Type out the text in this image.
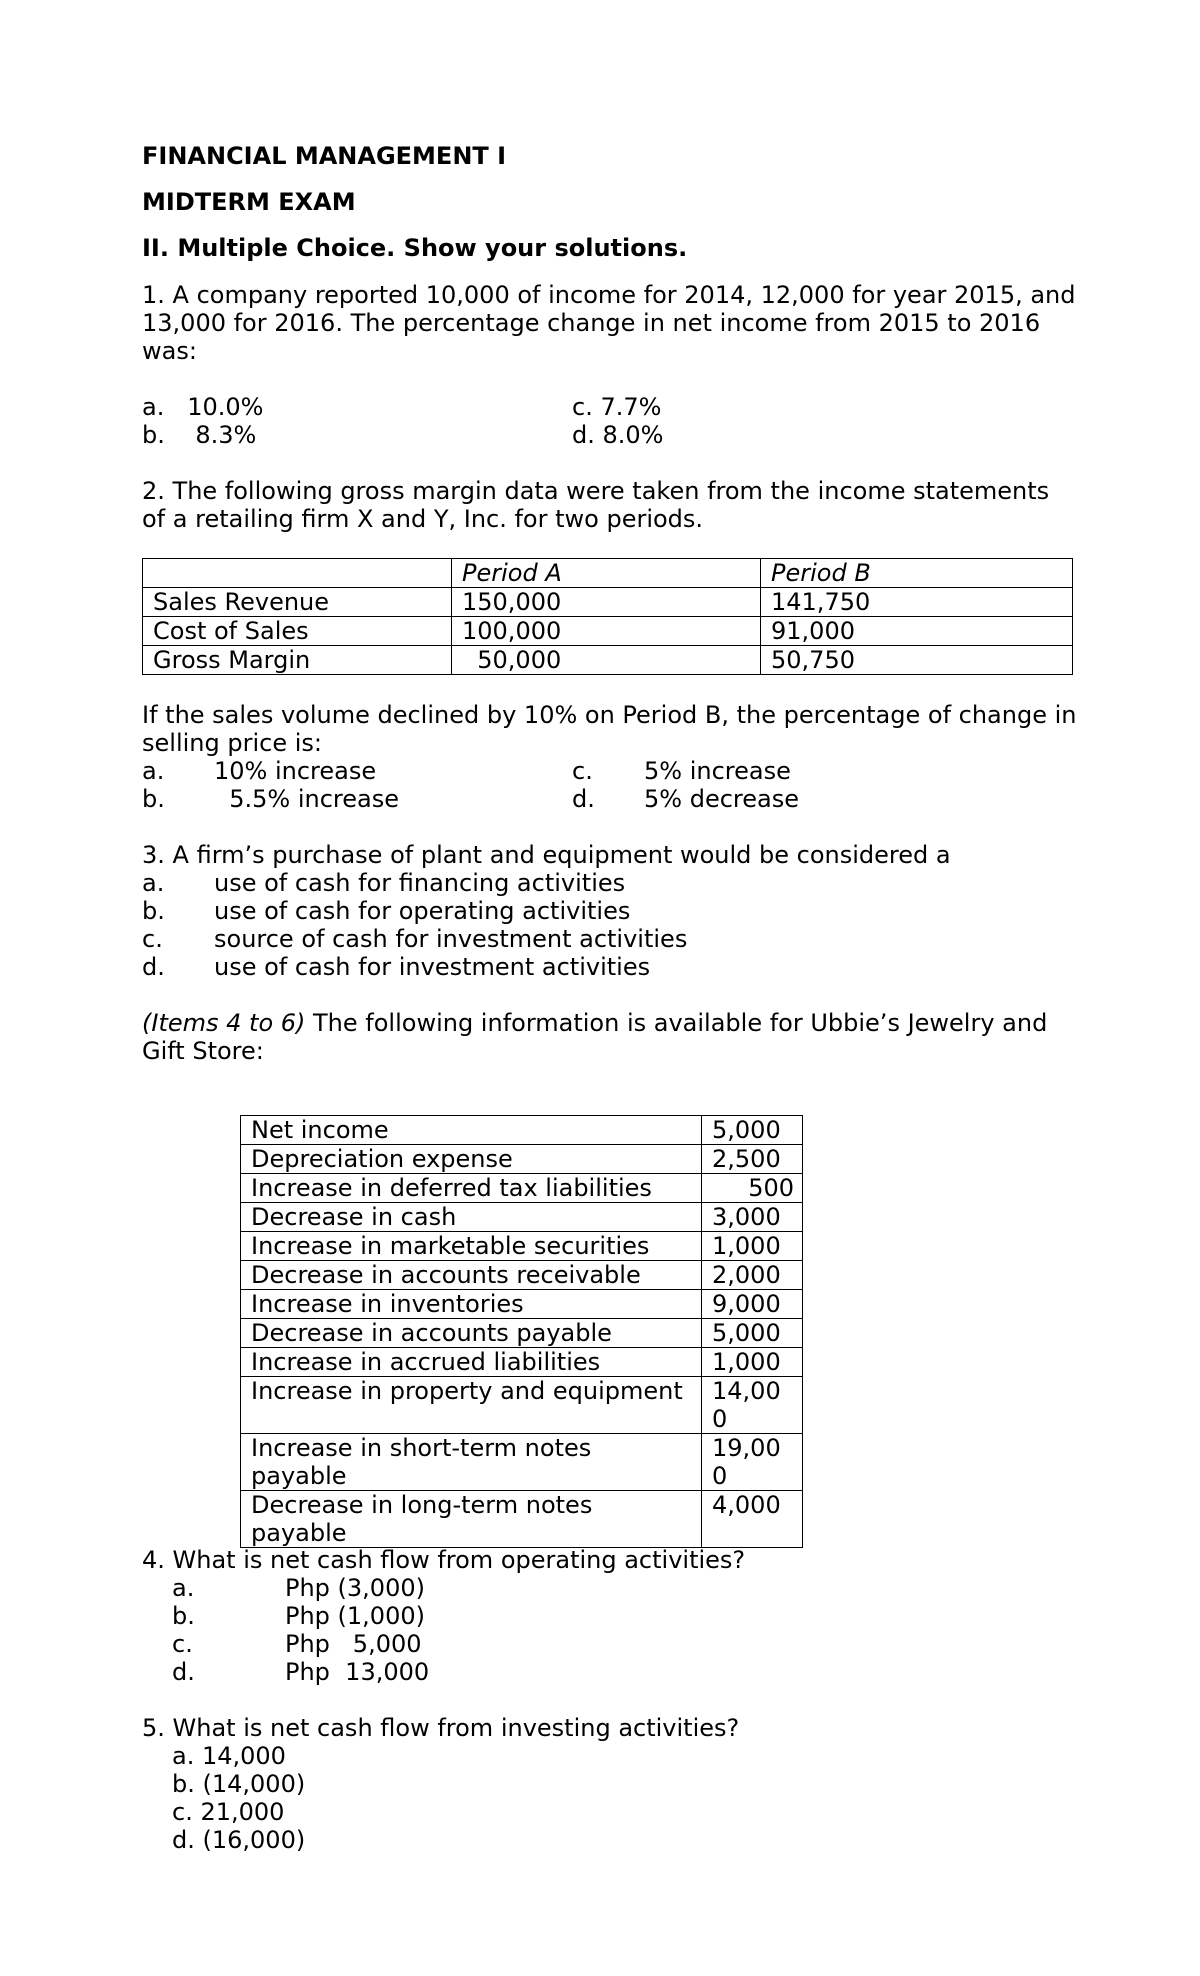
FINANCIAL MANAGEMENT I
MIDTERM EXAM
II. Multiple Choice. Show your solutions.
1. A company reported 10,000 of income for 2014, 12,000 for year 2015, and
13,000 for 2016. The percentage change in net income from 2015 to 2016
was:
a.   10.0%
b.    8.3%
c. 7.7%
d. 8.0%
2. The following gross margin data were taken from the income statements
of a retailing firm X and Y, Inc. for two periods.
	Period A	Period B
Sales Revenue	150,000	141,750
Cost of Sales	100,000	91,000
Gross Margin	50,000	50,750
If the sales volume declined by 10% on Period B, the percentage of change in
selling price is:
a. 10% increase
b. 5.5% increase
c. 5% increase
d. 5% decrease
3. A firm’s purchase of plant and equipment would be considered a
a. use of cash for financing activities
b. use of cash for operating activities
c. source of cash for investment activities
d. use of cash for investment activities
(Items 4 to 6) The following information is available for Ubbie’s Jewelry and
Gift Store:
Net income	5,000
Depreciation expense	2,500
Increase in deferred tax liabilities	500
Decrease in cash	3,000
Increase in marketable securities	1,000
Decrease in accounts receivable	2,000
Increase in inventories	9,000
Decrease in accounts payable	5,000
Increase in accrued liabilities	1,000
Increase in property and equipment	14,00
0
Increase in short-term notes payable	19,00
0
Decrease in long-term notes payable	4,000
4. What is net cash flow from operating activities?
a.	Php (3,000)
b.	Php (1,000)
c.	Php   5,000
d.	Php  13,000
5. What is net cash flow from investing activities?
a. 14,000
b. (14,000)
c. 21,000
d. (16,000)
